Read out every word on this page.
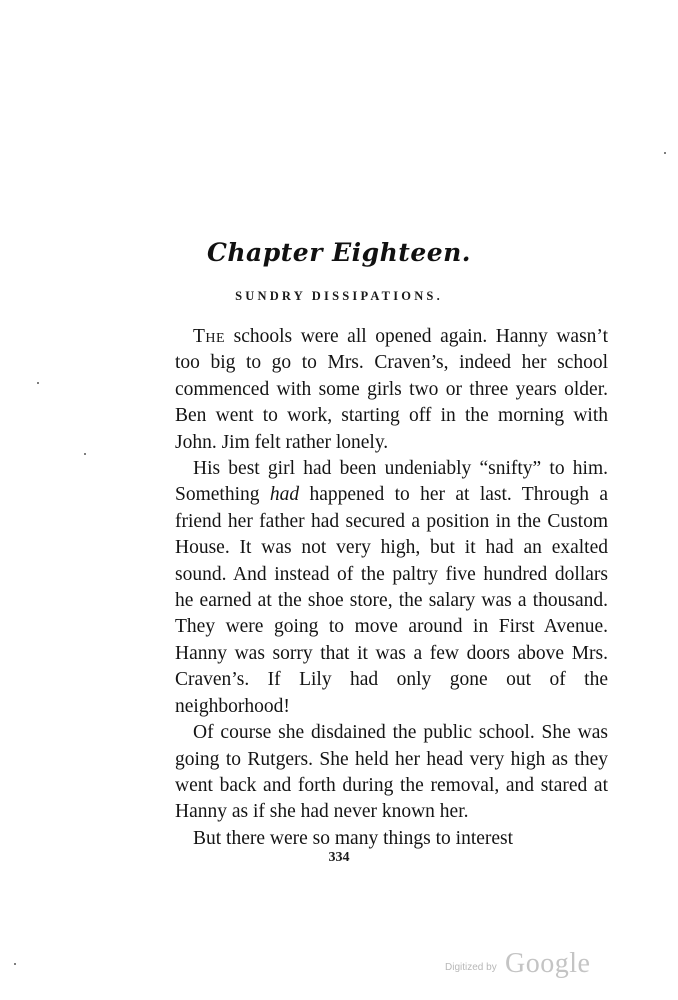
Chapter Eighteen.
SUNDRY DISSIPATIONS.

The schools were all opened again. Hanny wasn’t too big to go to Mrs. Craven’s, indeed her school commenced with some girls two or three years older. Ben went to work, starting off in the morning with John. Jim felt rather lonely.

His best girl had been undeniably “snifty” to him. Something had happened to her at last. Through a friend her father had secured a position in the Custom House. It was not very high, but it had an exalted sound. And instead of the paltry five hundred dollars he earned at the shoe store, the salary was a thousand. They were going to move around in First Avenue. Hanny was sorry that it was a few doors above Mrs. Craven’s. If Lily had only gone out of the neighborhood!

Of course she disdained the public school. She was going to Rutgers. She held her head very high as they went back and forth during the removal, and stared at Hanny as if she had never known her.

But there were so many things to interest

334
Digitized by Google
